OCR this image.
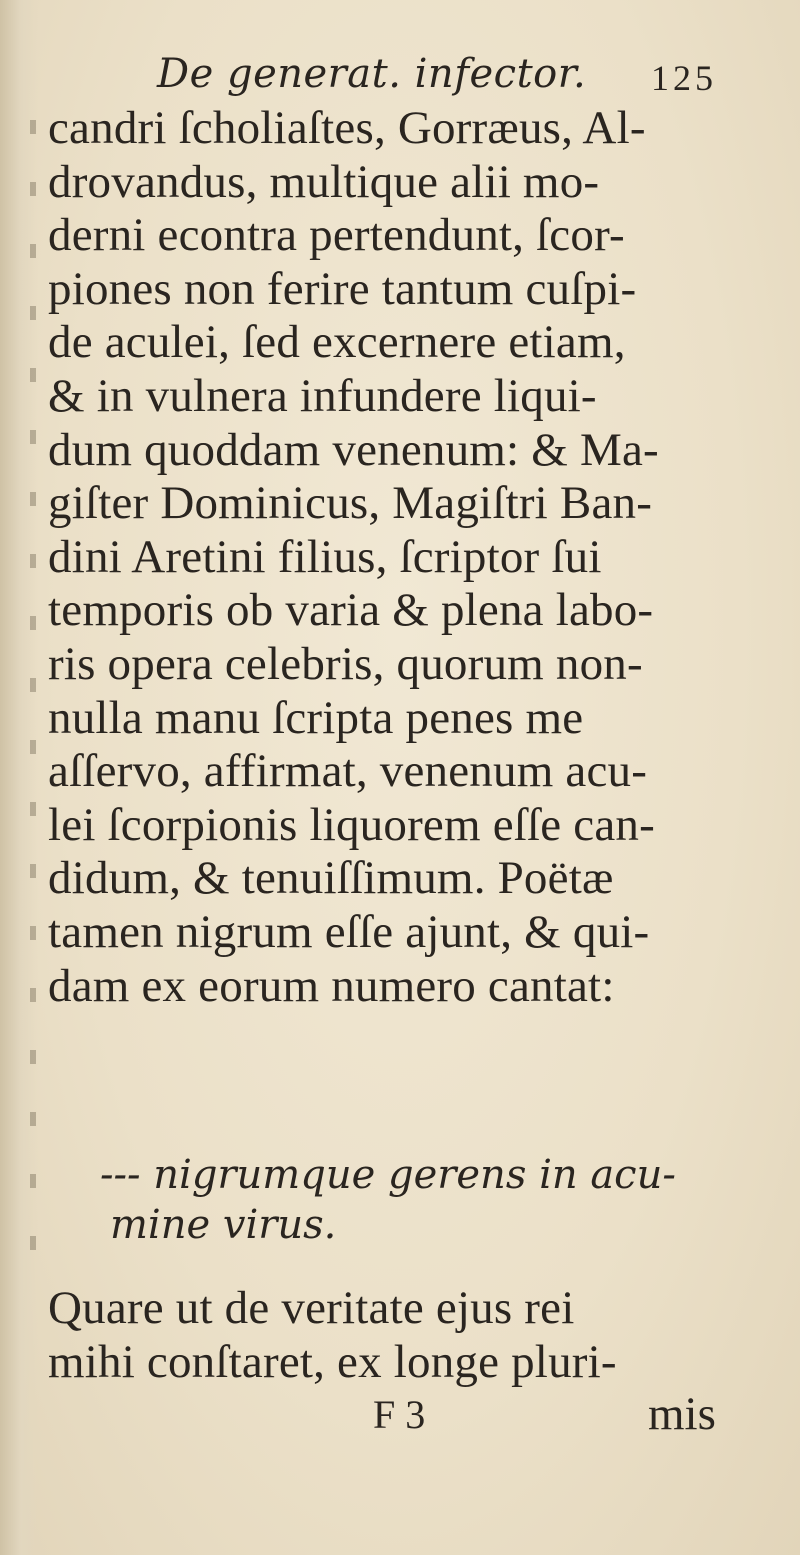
De generat. infector. 125
candri ſcholiaſtes, Gorræus, Al-
drovandus, multique alii mo-
derni econtra pertendunt, ſcor-
piones non ferire tantum cuſpi-
de aculei, ſed excernere etiam,
& in vulnera infundere liqui-
dum quoddam venenum: & Ma-
giſter Dominicus, Magiſtri Ban-
dini Aretini filius, ſcriptor ſui
temporis ob varia & plena labo-
ris opera celebris, quorum non-
nulla manu ſcripta penes me
aſſervo, affirmat, venenum acu-
lei ſcorpionis liquorem eſſe can-
didum, & tenuiſſimum. Poëtæ
tamen nigrum eſſe ajunt, & qui-
dam ex eorum numero cantat:
--- nigrumque gerens in acu-
mine virus.
Quare ut de veritate ejus rei
mihi conſtaret, ex longe pluri-
F 3	mis
